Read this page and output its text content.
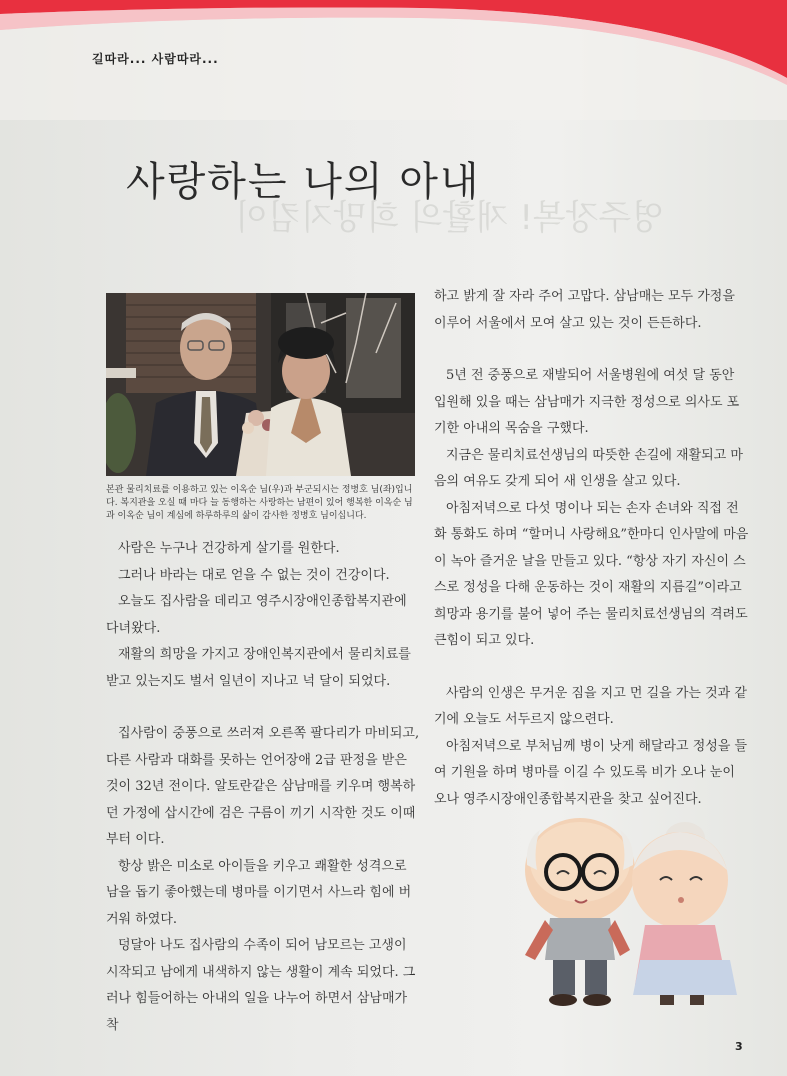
길따라... 사람따라...
영주장복! 재활의 희망지킴이
사랑하는 나의 아내
본관 물리치료를 이용하고 있는 이옥순 님(우)과 부군되시는 정병호 님(좌)입니다. 복지관을 오실 때 마다 늘 동행하는 사랑하는 남편이 있어 행복한 이옥순 님과 이옥순 님이 계심에 하루하루의 삶이 감사한 정병호 님이십니다.

사람은 누구나 건강하게 살기를 원한다.

그러나 바라는 대로 얻을 수 없는 것이 건강이다.

오늘도 집사람을 데리고 영주시장애인종합복지관에 다녀왔다.

재활의 희망을 가지고 장애인복지관에서 물리치료를 받고 있는지도 벌서 일년이 지나고 넉 달이 되었다.

집사람이 중풍으로 쓰러져 오른쪽 팔다리가 마비되고, 다른 사람과 대화를 못하는 언어장애 2급 판정을 받은 것이 32년 전이다. 알토란같은 삼남매를 키우며 행복하던 가정에 삽시간에 검은 구름이 끼기 시작한 것도 이때부터 이다.

항상 밝은 미소로 아이들을 키우고 쾌활한 성격으로 남을 돕기 좋아했는데 병마를 이기면서 사느라 힘에 버거워 하였다.

덩달아 나도 집사람의 수족이 되어 남모르는 고생이 시작되고 남에게 내색하지 않는 생활이 계속 되었다. 그러나 힘들어하는 아내의 일을 나누어 하면서 삼남매가 착

하고 밝게 잘 자라 주어 고맙다. 삼남매는 모두 가정을 이루어 서울에서 모여 살고 있는 것이 든든하다.

5년 전 중풍으로 재발되어 서울병원에 여섯 달 동안 입원해 있을 때는 삼남매가 지극한 정성으로 의사도 포기한 아내의 목숨을 구했다.

지금은 물리치료선생님의 따뜻한 손길에 재활되고 마음의 여유도 갖게 되어 새 인생을 살고 있다.

아침저녁으로 다섯 명이나 되는 손자 손녀와 직접 전화 통화도 하며 “할머니 사랑해요”한마디 인사말에 마음이 녹아 즐거운 날을 만들고 있다. “항상 자기 자신이 스스로 정성을 다해 운동하는 것이 재활의 지름길”이라고 희망과 용기를 불어 넣어 주는 물리치료선생님의 격려도 큰힘이 되고 있다.

사람의 인생은 무거운 짐을 지고 먼 길을 가는 것과 같기에 오늘도 서두르지 않으련다.

아침저녁으로 부처님께 병이 낫게 해달라고 정성을 들여 기원을 하며 병마를 이길 수 있도록 비가 오나 눈이 오나 영주시장애인종합복지관을 찾고 싶어진다.

3
